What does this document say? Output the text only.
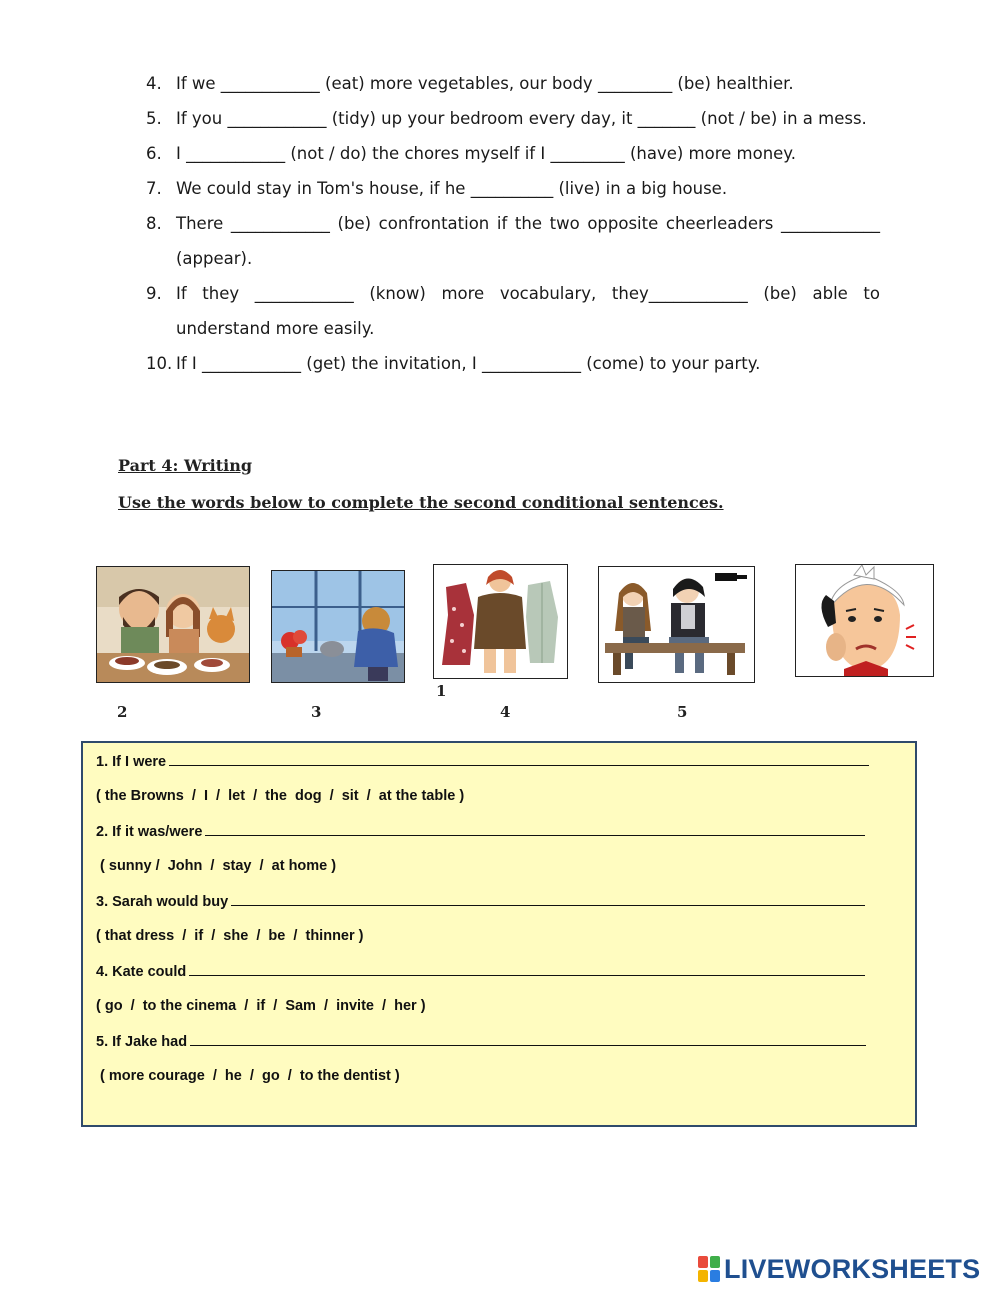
4. If we ____________ (eat) more vegetables, our body _________ (be) healthier.
5. If you ____________ (tidy) up your bedroom every day, it _______ (not / be) in a mess.
6. I ____________ (not / do) the chores myself if I _________ (have) more money.
7. We could stay in Tom's house, if he __________ (live) in a big house.
8. There ____________ (be) confrontation if the two opposite cheerleaders ____________ (appear).
9. If they ____________ (know) more vocabulary, they____________ (be) able to understand more easily.
10. If I ____________ (get) the invitation, I ____________ (come) to your party.
Part 4: Writing
Use the words below to complete the second conditional sentences.
2	3
1
4	5
1. If I were
( the Browns  /  I  /  let  /  the  dog  /  sit  /  at the table )
2. If it was/were
( sunny /  John  /  stay  /  at home )
3. Sarah would buy
( that dress  /  if  /  she  /  be  /  thinner )
4. Kate could
( go  /  to the cinema  /  if  /  Sam  /  invite  /  her )
5. If Jake had
( more courage  /  he  /  go  /  to the dentist )
LIVEWORKSHEETS
